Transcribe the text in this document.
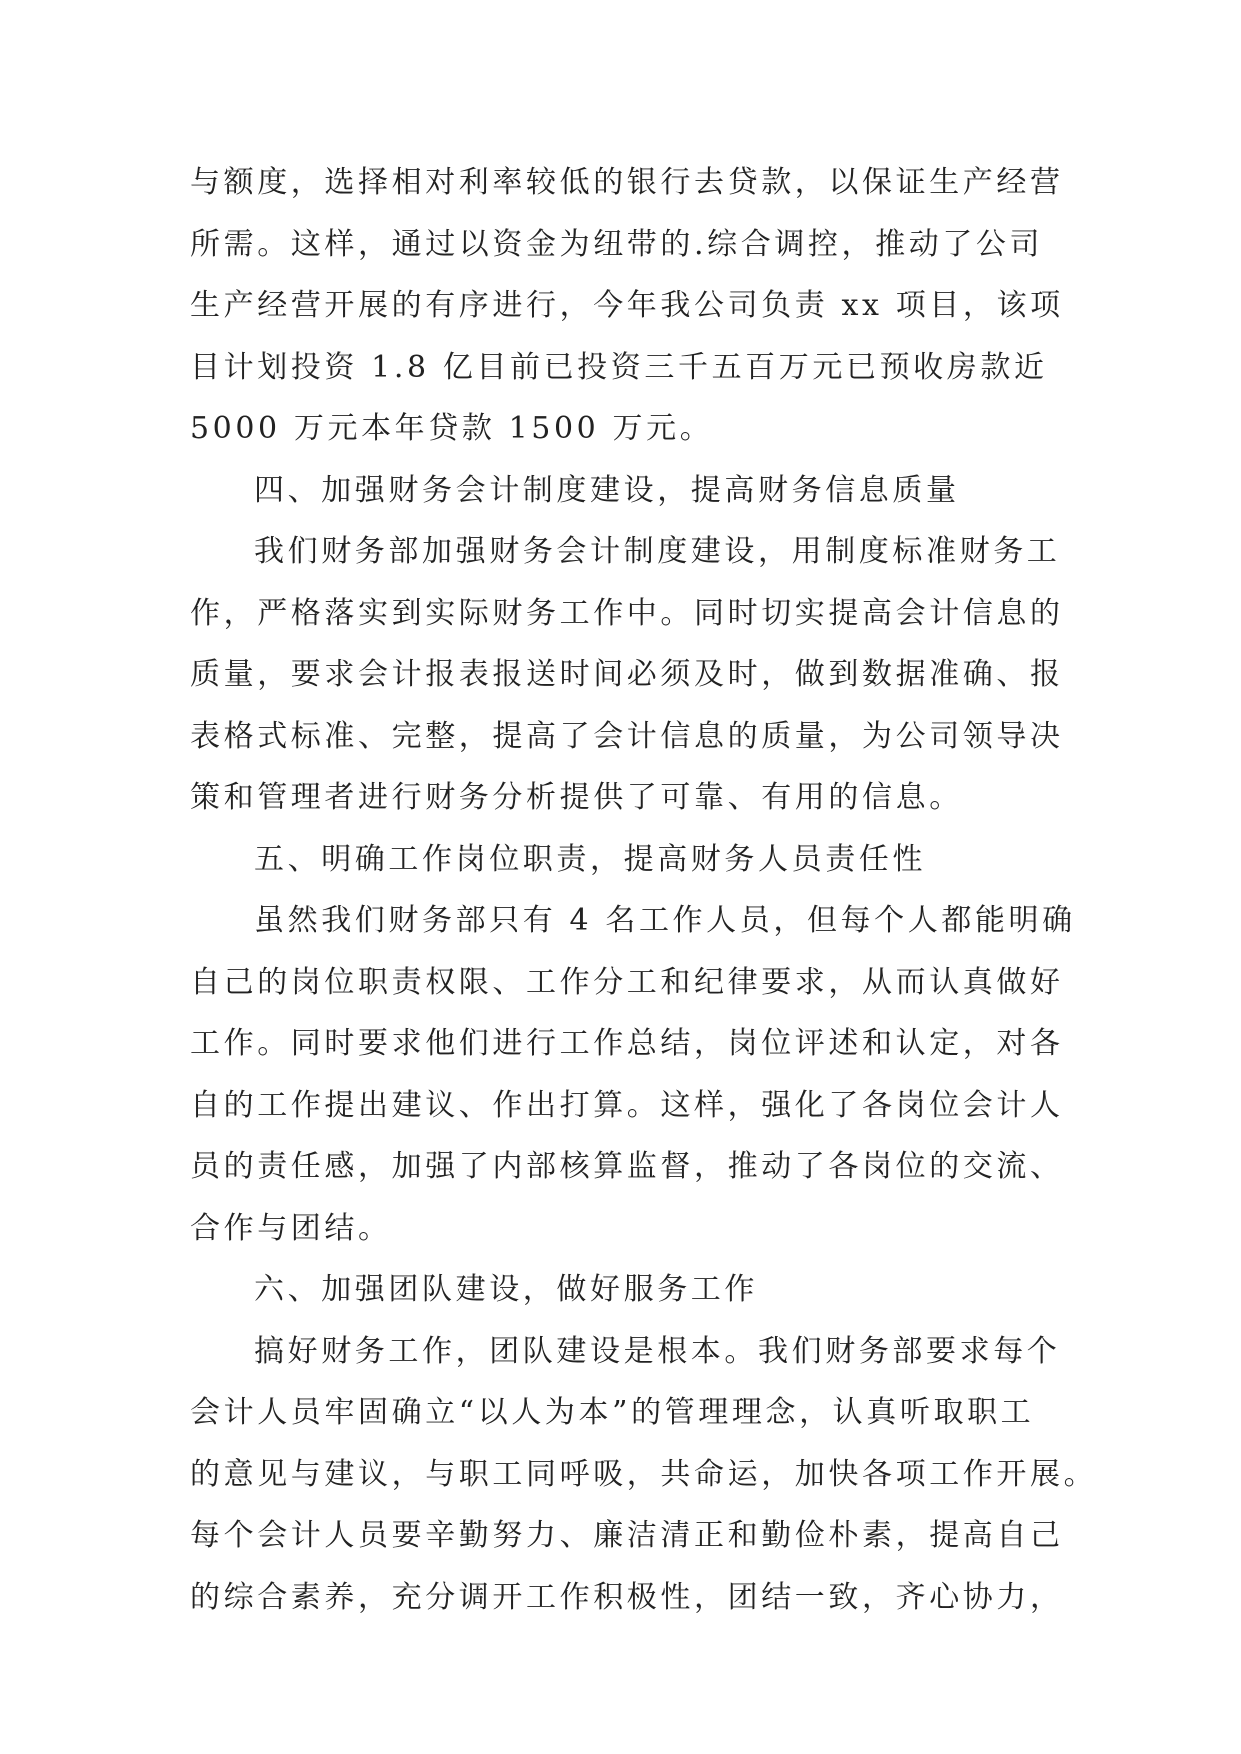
与额度，选择相对利率较低的银行去贷款，以保证生产经营
所需。这样，通过以资金为纽带的.综合调控，推动了公司
生产经营开展的有序进行，今年我公司负责 xx 项目，该项
目计划投资 1.8 亿目前已投资三千五百万元已预收房款近
5000 万元本年贷款 1500 万元。
四、加强财务会计制度建设，提高财务信息质量
我们财务部加强财务会计制度建设，用制度标准财务工
作，严格落实到实际财务工作中。同时切实提高会计信息的
质量，要求会计报表报送时间必须及时，做到数据准确、报
表格式标准、完整，提高了会计信息的质量，为公司领导决
策和管理者进行财务分析提供了可靠、有用的信息。
五、明确工作岗位职责，提高财务人员责任性
虽然我们财务部只有 4 名工作人员，但每个人都能明确
自己的岗位职责权限、工作分工和纪律要求，从而认真做好
工作。同时要求他们进行工作总结，岗位评述和认定，对各
自的工作提出建议、作出打算。这样，强化了各岗位会计人
员的责任感，加强了内部核算监督，推动了各岗位的交流、
合作与团结。
六、加强团队建设，做好服务工作
搞好财务工作，团队建设是根本。我们财务部要求每个
会计人员牢固确立“以人为本”的管理理念，认真听取职工
的意见与建议，与职工同呼吸，共命运，加快各项工作开展。
每个会计人员要辛勤努力、廉洁清正和勤俭朴素，提高自己
的综合素养，充分调开工作积极性，团结一致，齐心协力，
